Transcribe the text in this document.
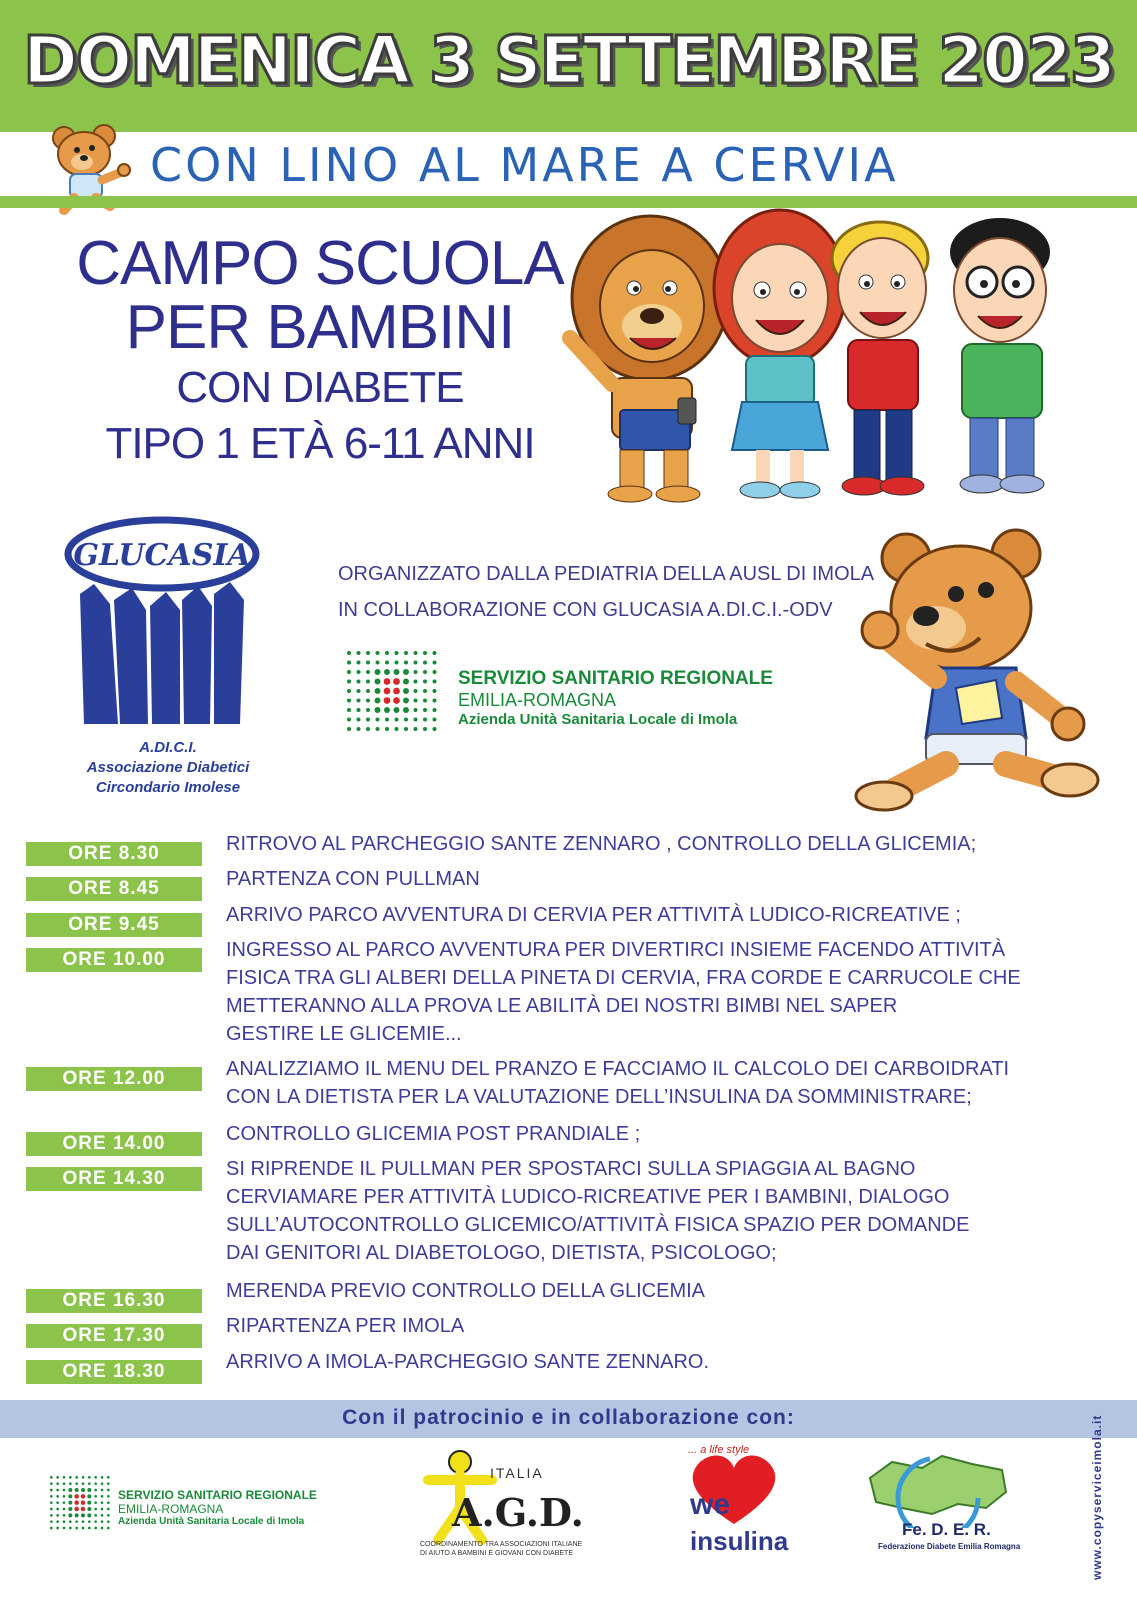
DOMENICA 3 SETTEMBRE 2023
CON LINO AL MARE A CERVIA
CAMPO SCUOLA
PER BAMBINI
CON DIABETE
TIPO 1 ETÀ 6-11 ANNI
GLUCASIA
A.DI.C.I.
Associazione Diabetici
Circondario Imolese
ORGANIZZATO DALLA PEDIATRIA DELLA AUSL DI IMOLA
IN COLLABORAZIONE CON GLUCASIA A.DI.C.I.-ODV
SERVIZIO SANITARIO REGIONALE
EMILIA-ROMAGNA
Azienda Unità Sanitaria Locale di Imola
ORE 8.30	RITROVO AL PARCHEGGIO SANTE ZENNARO , CONTROLLO DELLA GLICEMIA;
ORE 8.45	PARTENZA CON PULLMAN
ORE 9.45	ARRIVO PARCO AVVENTURA DI CERVIA PER ATTIVITÀ LUDICO-RICREATIVE ;
ORE 10.00	INGRESSO AL PARCO AVVENTURA PER DIVERTIRCI INSIEME FACENDO ATTIVITÀ
FISICA TRA GLI ALBERI DELLA PINETA DI CERVIA, FRA CORDE E CARRUCOLE CHE
METTERANNO ALLA PROVA LE ABILITÀ DEI NOSTRI BIMBI NEL SAPER
GESTIRE LE GLICEMIE...
ORE 12.00	ANALIZZIAMO IL MENU DEL PRANZO E FACCIAMO IL CALCOLO DEI CARBOIDRATI
CON LA DIETISTA PER LA VALUTAZIONE DELL’INSULINA DA SOMMINISTRARE;
ORE 14.00	CONTROLLO GLICEMIA POST PRANDIALE ;
ORE 14.30	SI RIPRENDE IL PULLMAN PER SPOSTARCI SULLA SPIAGGIA AL BAGNO
CERVIAMARE PER ATTIVITÀ LUDICO-RICREATIVE PER I BAMBINI, DIALOGO
SULL’AUTOCONTROLLO GLICEMICO/ATTIVITÀ FISICA SPAZIO PER DOMANDE
DAI GENITORI AL DIABETOLOGO, DIETISTA, PSICOLOGO;
ORE 16.30	MERENDA PREVIO CONTROLLO DELLA GLICEMIA
ORE 17.30	RIPARTENZA PER IMOLA
ORE 18.30	ARRIVO A IMOLA-PARCHEGGIO SANTE ZENNARO.
Con il patrocinio e in collaborazione con:
SERVIZIO SANITARIO REGIONALE
EMILIA-ROMAGNA
Azienda Unità Sanitaria Locale di Imola
ITALIA
A.G.D.
COORDINAMENTO TRA ASSOCIAZIONI ITALIANE
DI AIUTO A BAMBINI E GIOVANI CON DIABETE
... a life style
we
insulina	Fe. D. E. R.
Federazione Diabete Emilia Romagna	www.copyserviceimola.it
